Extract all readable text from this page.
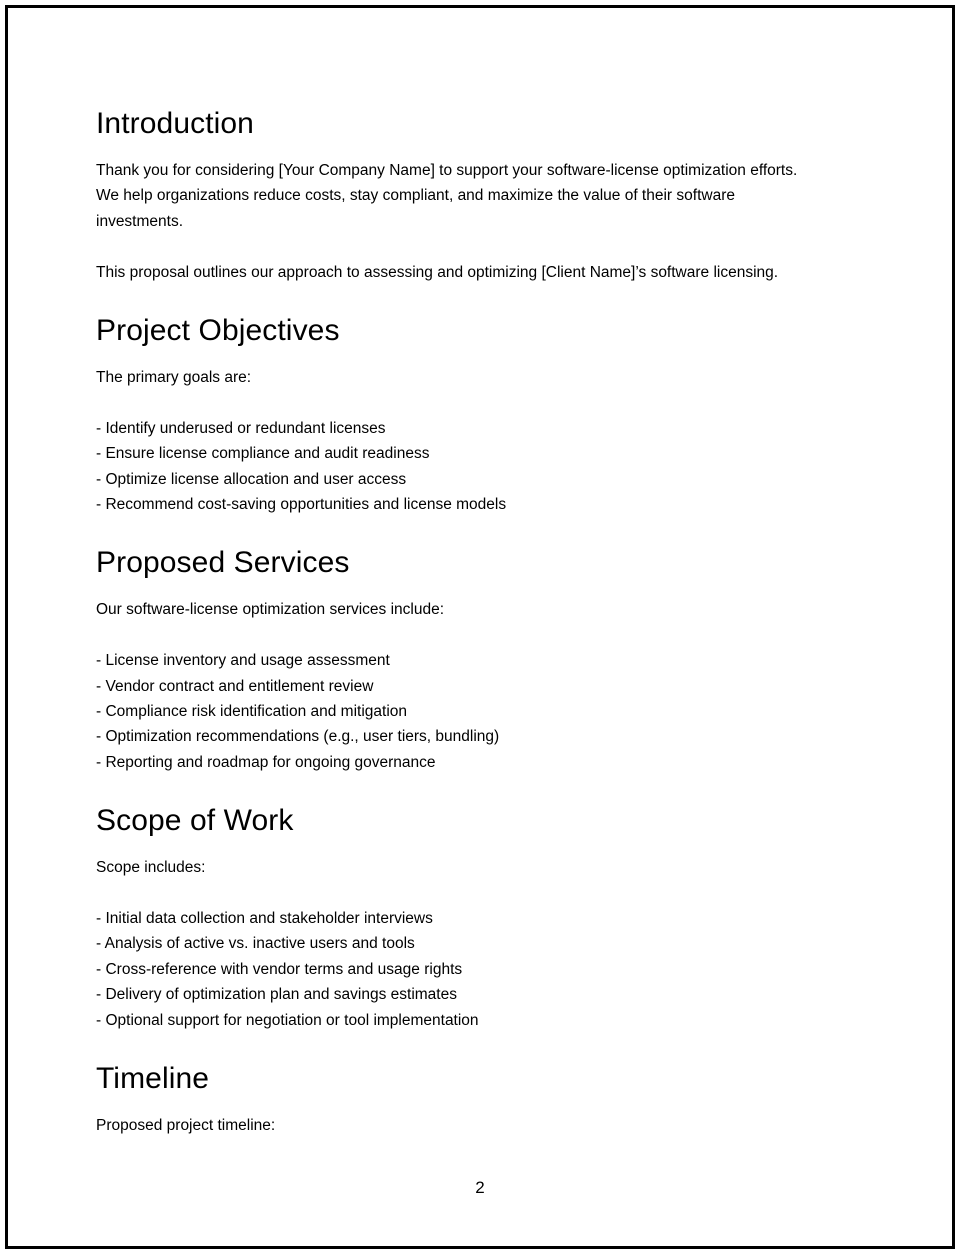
Introduction

Thank you for considering [Your Company Name] to support your software-license optimization efforts.

We help organizations reduce costs, stay compliant, and maximize the value of their software

investments.

This proposal outlines our approach to assessing and optimizing [Client Name]’s software licensing.

Project Objectives

The primary goals are:

- Identify underused or redundant licenses
- Ensure license compliance and audit readiness
- Optimize license allocation and user access
- Recommend cost-saving opportunities and license models
Proposed Services

Our software-license optimization services include:

- License inventory and usage assessment
- Vendor contract and entitlement review
- Compliance risk identification and mitigation
- Optimization recommendations (e.g., user tiers, bundling)
- Reporting and roadmap for ongoing governance
Scope of Work

Scope includes:

- Initial data collection and stakeholder interviews
- Analysis of active vs. inactive users and tools
- Cross-reference with vendor terms and usage rights
- Delivery of optimization plan and savings estimates
- Optional support for negotiation or tool implementation
Timeline

Proposed project timeline:

2
